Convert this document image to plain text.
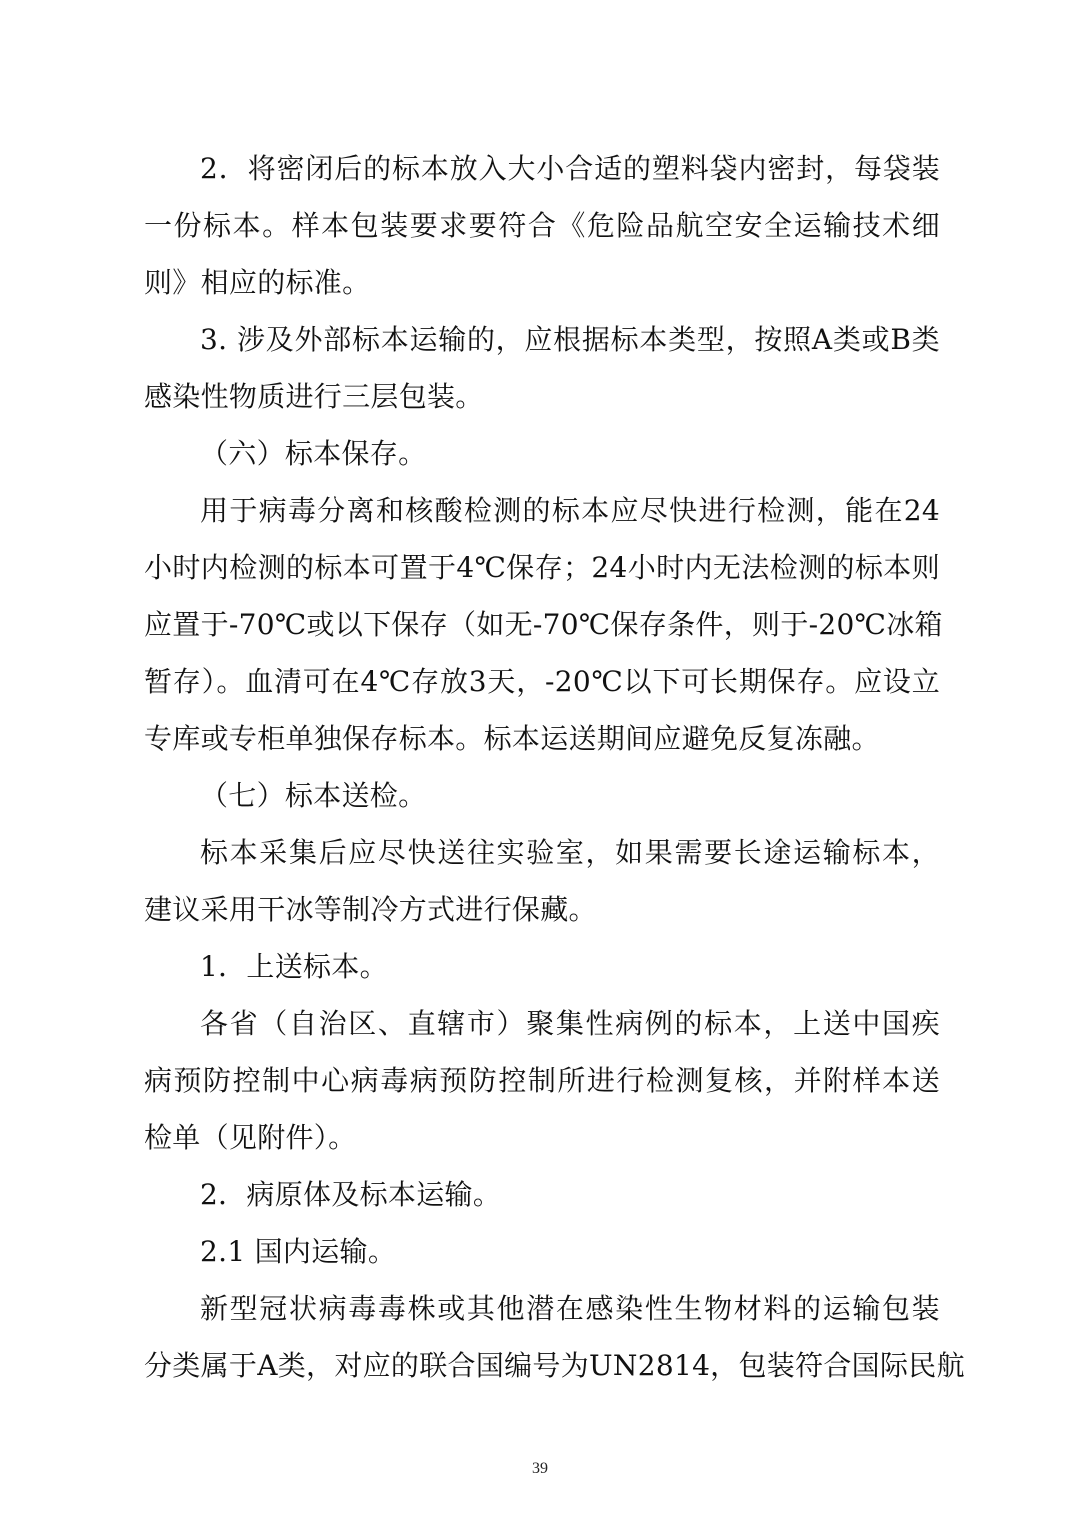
2．将密闭后的标本放入大小合适的塑料袋内密封，每袋装
一份标本。样本包装要求要符合《危险品航空安全运输技术细
则》相应的标准。
3. 涉及外部标本运输的，应根据标本类型，按照A类或B类
感染性物质进行三层包装。
（六）标本保存。
用于病毒分离和核酸检测的标本应尽快进行检测，能在24
小时内检测的标本可置于4℃保存；24小时内无法检测的标本则
应置于-70℃或以下保存（如无-70℃保存条件，则于-20℃冰箱
暂存）。血清可在4℃存放3天，-20℃以下可长期保存。应设立
专库或专柜单独保存标本。标本运送期间应避免反复冻融。
（七）标本送检。
标本采集后应尽快送往实验室，如果需要长途运输标本，
建议采用干冰等制冷方式进行保藏。
1．上送标本。
各省（自治区、直辖市）聚集性病例的标本，上送中国疾
病预防控制中心病毒病预防控制所进行检测复核，并附样本送
检单（见附件）。
2．病原体及标本运输。
2.1 国内运输。
新型冠状病毒毒株或其他潜在感染性生物材料的运输包装
分类属于A类，对应的联合国编号为UN2814，包装符合国际民航
39
